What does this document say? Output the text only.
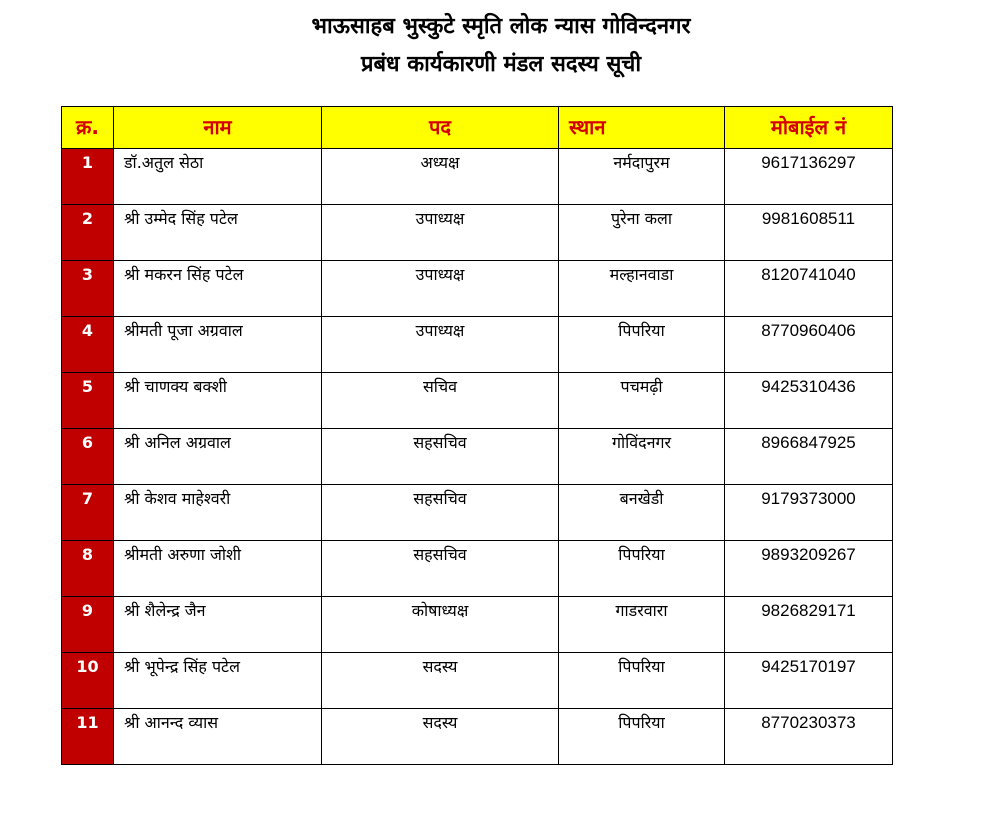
भाऊसाहब भुस्कुटे स्मृति लोक न्यास गोविन्दनगर
प्रबंध कार्यकारणी मंडल सदस्य सूची
क्र.	नाम	पद	स्थान	मोबाईल नं
1	डॉ.अतुल सेठा	अध्यक्ष	नर्मदापुरम	9617136297
2	श्री उम्मेद सिंह पटेल	उपाध्यक्ष	पुरेना कला	9981608511
3	श्री मकरन सिंह पटेल	उपाध्यक्ष	मल्हानवाडा	8120741040
4	श्रीमती पूजा अग्रवाल	उपाध्यक्ष	पिपरिया	8770960406
5	श्री चाणक्य बक्शी	सचिव	पचमढ़ी	9425310436
6	श्री अनिल अग्रवाल	सहसचिव	गोविंदनगर	8966847925
7	श्री केशव माहेश्वरी	सहसचिव	बनखेडी	9179373000
8	श्रीमती अरुणा जोशी	सहसचिव	पिपरिया	9893209267
9	श्री शैलेन्द्र जैन	कोषाध्यक्ष	गाडरवारा	9826829171
10	श्री भूपेन्द्र सिंह पटेल	सदस्य	पिपरिया	9425170197
11	श्री आनन्द व्यास	सदस्य	पिपरिया	8770230373
